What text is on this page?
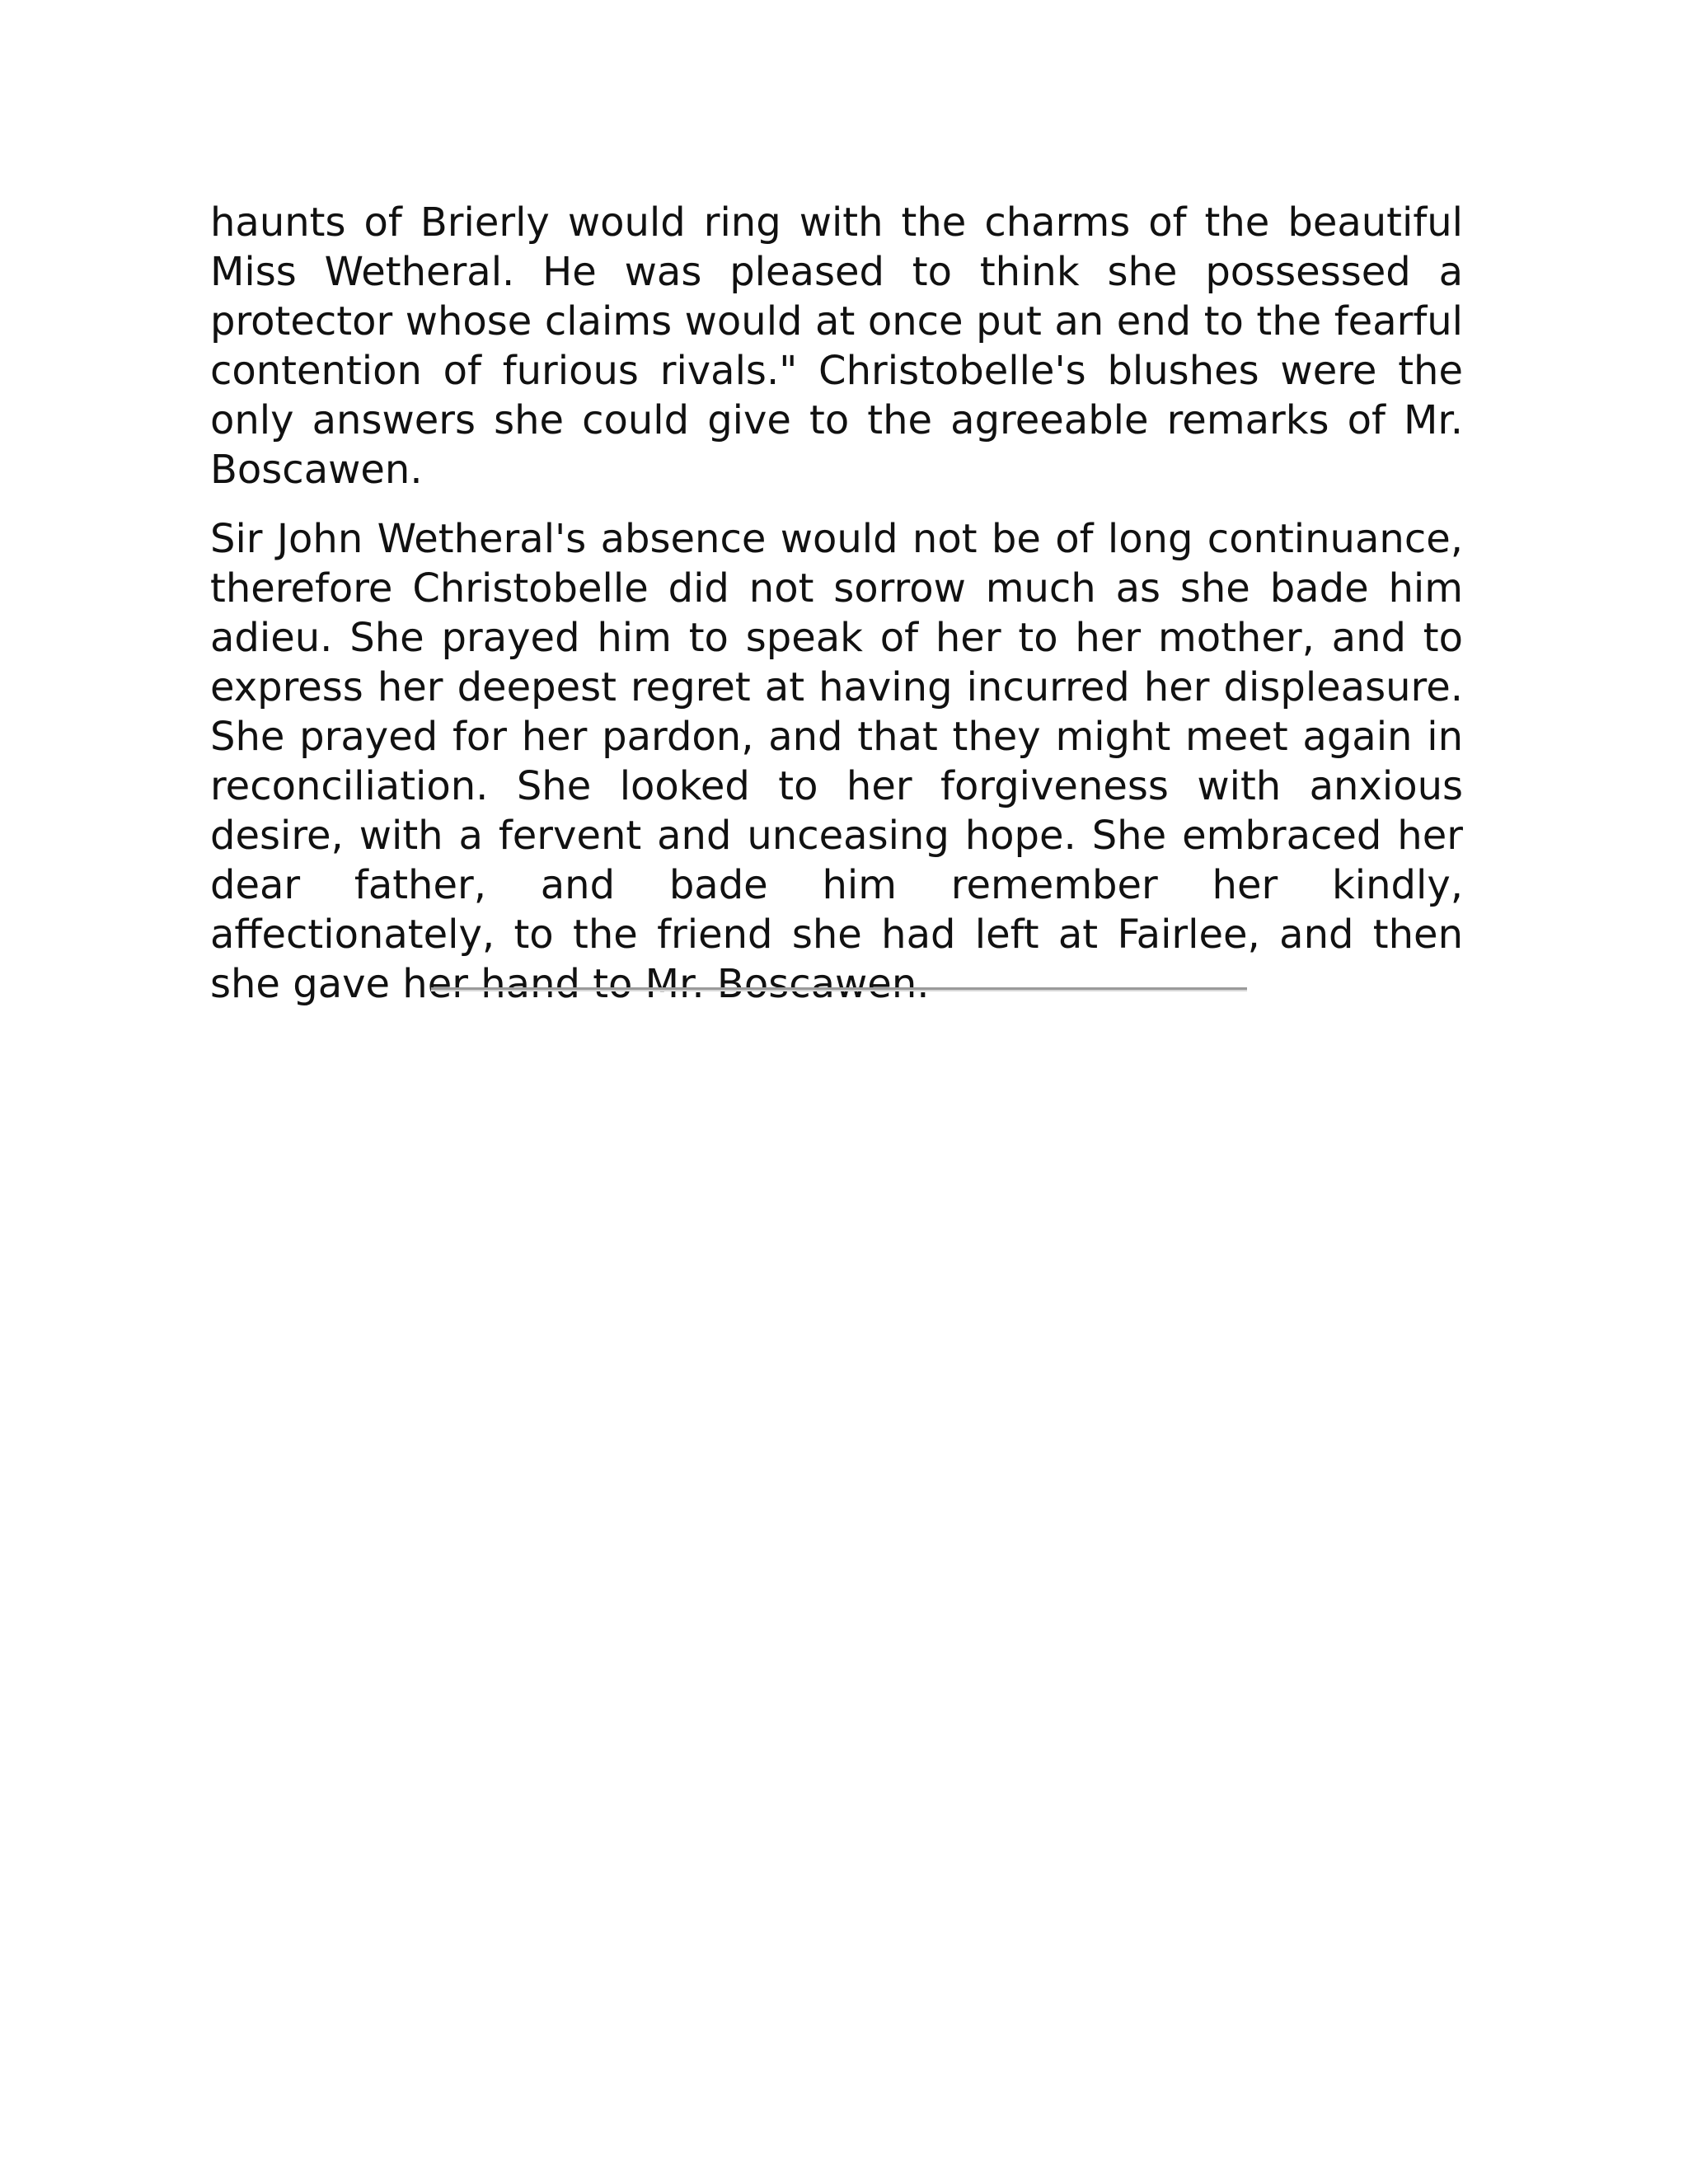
haunts of Brierly would ring with the charms of the beautiful Miss Wetheral. He was pleased to think she possessed a protector whose claims would at once put an end to the fearful contention of furious rivals." Christobelle's blushes were the only answers she could give to the agreeable remarks of Mr. Boscawen.

Sir John Wetheral's absence would not be of long continuance, therefore Christobelle did not sorrow much as she bade him adieu. She prayed him to speak of her to her mother, and to express her deepest regret at having incurred her displeasure. She prayed for her pardon, and that they might meet again in reconciliation. She looked to her forgiveness with anxious desire, with a fervent and unceasing hope. She embraced her dear father, and bade him remember her kindly, affectionately, to the friend she had left at Fairlee, and then she gave her hand to Mr. Boscawen.
